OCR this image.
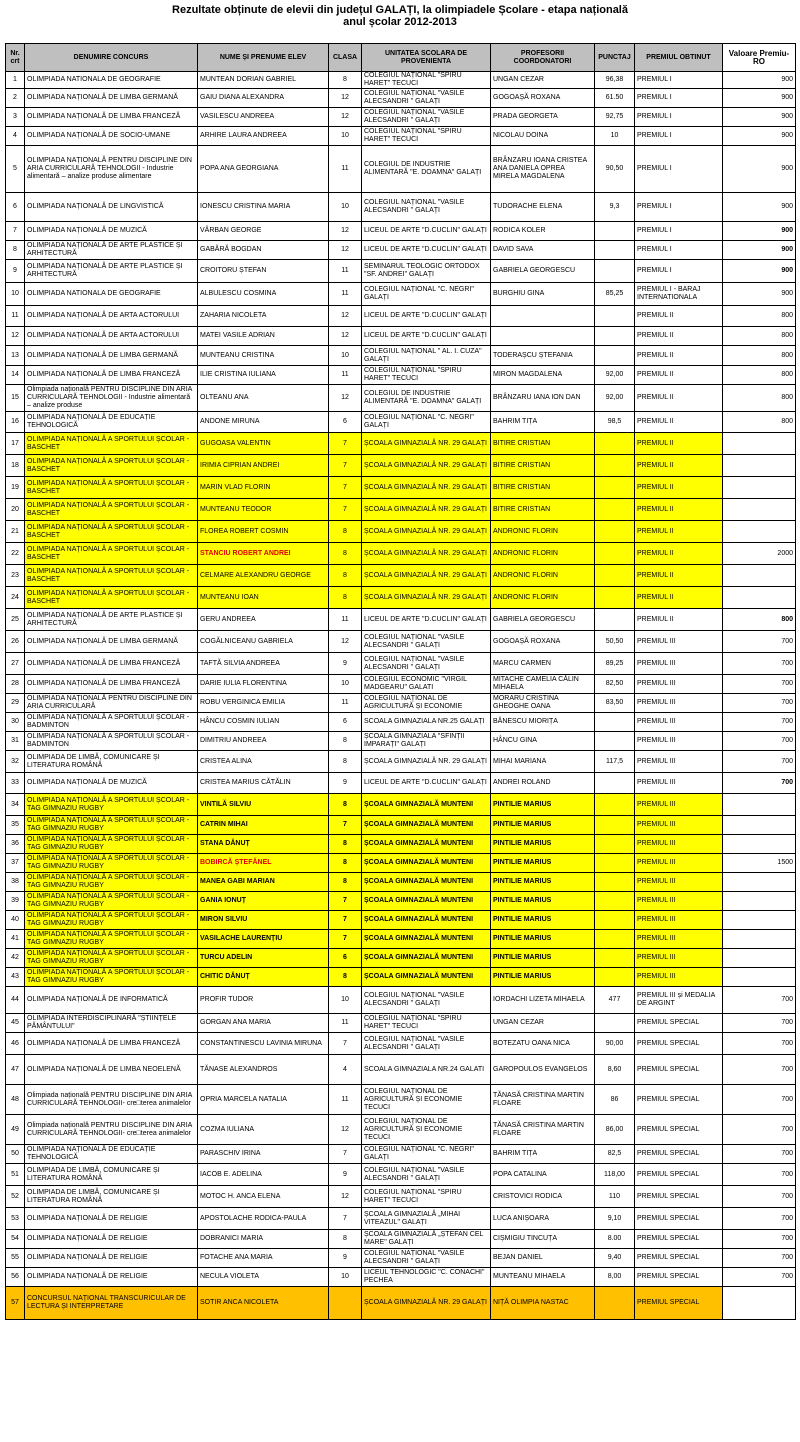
Rezultate obținute de elevii din județul GALAȚI, la olimpiadele Școlare - etapa națională
anul școlar 2012-2013
Nr. crt	DENUMIRE CONCURS	NUME ȘI PRENUME ELEV	CLASA	UNITATEA SCOLARA DE PROVENIENTA	PROFESORII COORDONATORI	PUNCTAJ	PREMIUL OBTINUT	Valoare Premiu- RO
1	OLIMPIADA NATIONALA DE GEOGRAFIE	MUNTEAN DORIAN GABRIEL	8	COLEGIUL NAȚIONAL "SPIRU HARET" TECUCI	UNGAN CEZAR	96,38	PREMIUL I	900
2	OLIMPIADA NAȚIONALĂ DE LIMBA GERMANĂ	GAIU DIANA ALEXANDRA	12	COLEGIUL NAȚIONAL "VASILE ALECSANDRI " GALAȚI	GOGOAȘĂ ROXANA	61.50	PREMIUL I	900
3	OLIMPIADA NAȚIONALĂ DE LIMBA FRANCEZĂ	VASILESCU ANDREEA	12	COLEGIUL NAȚIONAL "VASILE ALECSANDRI " GALAȚI	PRADA GEORGETA	92,75	PREMIUL I	900
4	OLIMPIADA NAȚIONALĂ DE SOCIO-UMANE	ARHIRE LAURA ANDREEA	10	COLEGIUL NAȚIONAL "SPIRU HARET" TECUCI	NICOLAU DOINA	10	PREMIUL I	900
5	OLIMPIADA NAȚIONALĂ PENTRU DISCIPLINE DIN ARIA CURRICULARĂ TEHNOLOGII - Industrie alimentară – analize produse alimentare	POPA ANA GEORGIANA	11	COLEGIUL DE INDUSTRIE ALIMENTARĂ "E. DOAMNA" GALAȚI	BRÂNZARU IOANA CRISTEA ANA DANIELA OPREA MIRELA MAGDALENA	90,50	PREMIUL I	900
6	OLIMPIADA NAȚIONALĂ DE LINGVISTICĂ	IONESCU CRISTINA MARIA	10	COLEGIUL NAȚIONAL "VASILE ALECSANDRI " GALAȚI	TUDORACHE ELENA	9,3	PREMIUL I	900
7	OLIMPIADA NAȚIONALĂ DE MUZICĂ	VÂRBAN GEORGE	12	LICEUL DE ARTE "D.CUCLIN" GALAȚI	RODICA KOLER		PREMIUL I	900
8	OLIMPIADA NAȚIONALĂ DE ARTE PLASTICE ȘI ARHITECTURĂ	GABĂRĂ BOGDAN	12	LICEUL DE ARTE "D.CUCLIN" GALAȚI	DAVID SAVA		PREMIUL I	900
9	OLIMPIADA NAȚIONALĂ DE ARTE PLASTICE ȘI ARHITECTURĂ	CROITORU ȘTEFAN	11	SEMINARUL TEOLOGIC ORTODOX "SF. ANDREI" GALAȚI	GABRIELA GEORGESCU		PREMIUL I	900
10	OLIMPIADA NATIONALA DE GEOGRAFIE	ALBULESCU COSMINA	11	COLEGIUL NAȚIONAL "C. NEGRI" GALAȚI	BURGHIU GINA	85,25	PREMIUL I - BARAJ INTERNATIONALA	900
11	OLIMPIADA NAȚIONALĂ DE ARTA ACTORULUI	ZAHARIA NICOLETA	12	LICEUL DE ARTE "D.CUCLIN" GALAȚI			PREMIUL II	800
12	OLIMPIADA NAȚIONALĂ DE ARTA ACTORULUI	MATEI VASILE ADRIAN	12	LICEUL DE ARTE "D.CUCLIN" GALAȚI			PREMIUL II	800
13	OLIMPIADA NAȚIONALĂ DE LIMBA GERMANĂ	MUNTEANU CRISTINA	10	COLEGIUL NAȚIONAL " AL. I. CUZA" GALAȚI	TODERAȘCU ȘTEFANIA		PREMIUL II	800
14	OLIMPIADA NAȚIONALĂ DE LIMBA FRANCEZĂ	ILIE CRISTINA IULIANA	11	COLEGIUL NAȚIONAL "SPIRU HARET" TECUCI	MIRON MAGDALENA	92,00	PREMIUL II	800
15	Olimpiada națională PENTRU DISCIPLINE DIN ARIA CURRICULARĂ TEHNOLOGII - Industrie alimentară – analize produse	OLTEANU ANA	12	COLEGIUL DE INDUSTRIE ALIMENTARĂ "E. DOAMNA" GALAȚI	BRÂNZARU IANA ION DAN	92,00	PREMIUL II	800
16	OLIMPIADA NAȚIONALĂ DE EDUCAȚIE TEHNOLOGICĂ	ANDONE MIRUNA	6	COLEGIUL NAȚIONAL "C. NEGRI" GALAȚI	BAHRIM TIȚA	98,5	PREMIUL II	800
17	OLIMPIADA NAȚIONALĂ A SPORTULUI ȘCOLAR - BASCHET	GUGOASA VALENTIN	7	ȘCOALA GIMNAZIALĂ NR. 29 GALAȚI	BITIRE CRISTIAN		PREMIUL II	
18	OLIMPIADA NAȚIONALĂ A SPORTULUI ȘCOLAR - BASCHET	IRIMIA CIPRIAN ANDREI	7	ȘCOALA GIMNAZIALĂ NR. 29 GALAȚI	BITIRE CRISTIAN		PREMIUL II	
19	OLIMPIADA NAȚIONALĂ A SPORTULUI ȘCOLAR - BASCHET	MARIN VLAD FLORIN	7	ȘCOALA GIMNAZIALĂ NR. 29 GALAȚI	BITIRE CRISTIAN		PREMIUL II	
20	OLIMPIADA NAȚIONALĂ A SPORTULUI ȘCOLAR - BASCHET	MUNTEANU TEODOR	7	ȘCOALA GIMNAZIALĂ NR. 29 GALAȚI	BITIRE CRISTIAN		PREMIUL II	
21	OLIMPIADA NAȚIONALĂ A SPORTULUI ȘCOLAR - BASCHET	FLOREA ROBERT COSMIN	8	ȘCOALA GIMNAZIALĂ NR. 29 GALAȚI	ANDRONIC FLORIN		PREMIUL II	
22	OLIMPIADA NAȚIONALĂ A SPORTULUI ȘCOLAR - BASCHET	STANCIU ROBERT ANDREI	8	ȘCOALA GIMNAZIALĂ NR. 29 GALAȚI	ANDRONIC FLORIN		PREMIUL II	2000
23	OLIMPIADA NAȚIONALĂ A SPORTULUI ȘCOLAR - BASCHET	CELMARE ALEXANDRU GEORGE	8	ȘCOALA GIMNAZIALĂ NR. 29 GALAȚI	ANDRONIC FLORIN		PREMIUL II	
24	OLIMPIADA NAȚIONALĂ A SPORTULUI ȘCOLAR - BASCHET	MUNTEANU IOAN	8	ȘCOALA GIMNAZIALĂ NR. 29 GALAȚI	ANDRONIC FLORIN		PREMIUL II	
25	OLIMPIADA NAȚIONALĂ DE ARTE PLASTICE ȘI ARHITECTURĂ	GERU ANDREEA	11	LICEUL DE ARTE "D.CUCLIN" GALAȚI	GABRIELA GEORGESCU		PREMIUL II	800
26	OLIMPIADA NAȚIONALĂ DE LIMBA GERMANĂ	COGĂLNICEANU GABRIELA	12	COLEGIUL NAȚIONAL "VASILE ALECSANDRI " GALAȚI	GOGOAȘĂ ROXANA	50,50	PREMIUL III	700
27	OLIMPIADA NAȚIONALĂ DE LIMBA FRANCEZĂ	TAFTĂ SILVIA ANDREEA	9	COLEGIUL NAȚIONAL "VASILE ALECSANDRI " GALAȚI	MARCU CARMEN	89,25	PREMIUL III	700
28	OLIMPIADA NAȚIONALĂ DE LIMBA FRANCEZĂ	DARIE IULIA FLORENTINA	10	COLEGIUL ECONOMIC "VIRGIL MADGEARU" GALATI	MITACHE CAMELIA CĂLIN MIHAELA	82,50	PREMIUL III	700
29	OLIMPIADA NAȚIONALĂ PENTRU DISCIPLINE DIN ARIA CURRICULARĂ	ROBU VERGINICA EMILIA	11	COLEGIUL NAȚIONAL DE AGRICULTURĂ ȘI ECONOMIE	MORARU CRISTINA GHEOGHE OANA	83,50	PREMIUL III	700
30	OLIMPIADA NAȚIONALĂ A SPORTULUI ȘCOLAR - BADMINTON	HÂNCU COSMIN IULIAN	6	SCOALA GIMNAZIALA NR.25 GALAȚI	BĂNESCU MIORIȚA		PREMIUL III	700
31	OLIMPIADA NAȚIONALĂ A SPORTULUI ȘCOLAR - BADMINTON	DIMITRIU ANDREEA	8	ȘCOALA GIMNAZIALA "SFINȚII IMPARAȚI" GALAȚI	HÂNCU GINA		PREMIUL III	700
32	OLIMPIADA DE LIMBĂ, COMUNICARE ȘI LITERATURA ROMÂNĂ	CRISTEA ALINA	8	ȘCOALA GIMNAZIALĂ NR. 29 GALAȚI	MIHAI MARIANA	117,5	PREMIUL III	700
33	OLIMPIADA NAȚIONALĂ DE MUZICĂ	CRISTEA MARIUS CĂTĂLIN	9	LICEUL DE ARTE "D.CUCLIN" GALAȚI	ANDREI ROLAND		PREMIUL III	700
34	OLIMPIADA NAȚIONALĂ A SPORTULUI ȘCOLAR - TAG GIMNAZIU RUGBY	VINTILĂ SILVIU	8	ȘCOALA GIMNAZIALĂ MUNTENI	PINTILIE MARIUS		PREMIUL III	
35	OLIMPIADA NAȚIONALĂ A SPORTULUI ȘCOLAR - TAG GIMNAZIU RUGBY	CATRIN MIHAI	7	ȘCOALA GIMNAZIALĂ MUNTENI	PINTILIE MARIUS		PREMIUL III	
36	OLIMPIADA NAȚIONALĂ A SPORTULUI ȘCOLAR - TAG GIMNAZIU RUGBY	STANA DĂNUȚ	8	ȘCOALA GIMNAZIALĂ MUNTENI	PINTILIE MARIUS		PREMIUL III	
37	OLIMPIADA NAȚIONALĂ A SPORTULUI ȘCOLAR - TAG GIMNAZIU RUGBY	BOBIRCĂ ȘTEFĂNEL	8	ȘCOALA GIMNAZIALĂ MUNTENI	PINTILIE MARIUS		PREMIUL III	1500
38	OLIMPIADA NAȚIONALĂ A SPORTULUI ȘCOLAR - TAG GIMNAZIU RUGBY	MANEA GABI MARIAN	8	ȘCOALA GIMNAZIALĂ MUNTENI	PINTILIE MARIUS		PREMIUL III	
39	OLIMPIADA NAȚIONALĂ A SPORTULUI ȘCOLAR - TAG GIMNAZIU RUGBY	GANIA IONUȚ	7	ȘCOALA GIMNAZIALĂ MUNTENI	PINTILIE MARIUS		PREMIUL III	
40	OLIMPIADA NAȚIONALĂ A SPORTULUI ȘCOLAR - TAG GIMNAZIU RUGBY	MIRON SILVIU	7	ȘCOALA GIMNAZIALĂ MUNTENI	PINTILIE MARIUS		PREMIUL III	
41	OLIMPIADA NAȚIONALĂ A SPORTULUI ȘCOLAR - TAG GIMNAZIU RUGBY	VASILACHE LAURENȚIU	7	ȘCOALA GIMNAZIALĂ MUNTENI	PINTILIE MARIUS		PREMIUL III	
42	OLIMPIADA NAȚIONALĂ A SPORTULUI ȘCOLAR - TAG GIMNAZIU RUGBY	TURCU ADELIN	6	ȘCOALA GIMNAZIALĂ MUNTENI	PINTILIE MARIUS		PREMIUL III	
43	OLIMPIADA NAȚIONALĂ A SPORTULUI ȘCOLAR - TAG GIMNAZIU RUGBY	CHITIC DĂNUȚ	8	ȘCOALA GIMNAZIALĂ MUNTENI	PINTILIE MARIUS		PREMIUL III	
44	OLIMPIADA NAȚIONALĂ DE INFORMATICĂ	PROFIR TUDOR	10	COLEGIUL NAȚIONAL "VASILE ALECSANDRI " GALAȚI	IORDACHI LIZETA MIHAELA	477	PREMIUL III și MEDALIA DE ARGINT	700
45	OLIMPIADA INTERDISCIPLINARĂ "ȘTIINȚELE PĂMÂNTULUI"	GORGAN ANA MARIA	11	COLEGIUL NAȚIONAL "SPIRU HARET" TECUCI	UNGAN CEZAR		PREMIUL SPECIAL	700
46	OLIMPIADA NAȚIONALĂ DE LIMBA FRANCEZĂ	CONSTANTINESCU LAVINIA MIRUNA	7	COLEGIUL NAȚIONAL "VASILE ALECSANDRI " GALAȚI	BOTEZATU OANA NICA	90,00	PREMIUL SPECIAL	700
47	OLIMPIADA NAȚIONALĂ DE LIMBA NEOELENĂ	TĂNASE ALEXANDROS	4	SCOALA GIMNAZIALA NR.24 GALATI	GAROPOULOS EVANGELOS	8,60	PREMIUL SPECIAL	700
48	Olimpiada națională PENTRU DISCIPLINE DIN ARIA CURRICULARĂ TEHNOLOGII- cre□terea animalelor	OPRIA MARCELA NATALIA	11	COLEGIUL NAȚIONAL DE AGRICULTURĂ ȘI ECONOMIE TECUCI	TĂNASĂ CRISTINA MARTIN FLOARE	86	PREMIUL SPECIAL	700
49	Olimpiada națională PENTRU DISCIPLINE DIN ARIA CURRICULARĂ TEHNOLOGII- cre□terea animalelor	COZMA IULIANA	12	COLEGIUL NAȚIONAL DE AGRICULTURĂ ȘI ECONOMIE TECUCI	TĂNASĂ CRISTINA MARTIN FLOARE	86,00	PREMIUL SPECIAL	700
50	OLIMPIADA NAȚIONALĂ DE EDUCAȚIE TEHNOLOGICĂ	PARASCHIV IRINA	7	COLEGIUL NAȚIONAL "C. NEGRI" GALAȚI	BAHRIM TIȚA	82,5	PREMIUL SPECIAL	700
51	OLIMPIADA DE LIMBĂ, COMUNICARE ȘI LITERATURA ROMÂNĂ	IACOB E. ADELINA	9	COLEGIUL NAȚIONAL "VASILE ALECSANDRI " GALAȚI	POPA CATALINA	118,00	PREMIUL SPECIAL	700
52	OLIMPIADA DE LIMBĂ, COMUNICARE ȘI LITERATURA ROMÂNĂ	MOTOC H. ANCA ELENA	12	COLEGIUL NAȚIONAL "SPIRU HARET" TECUCI	CRISTOVICI RODICA	110	PREMIUL SPECIAL	700
53	OLIMPIADA NAȚIONALĂ DE RELIGIE	APOSTOLACHE RODICA-PAULA	7	ȘCOALA GIMNAZIALĂ „MIHAI VITEAZUL" GALAȚI	LUCA ANIȘOARA	9,10	PREMIUL SPECIAL	700
54	OLIMPIADA NAȚIONALĂ DE RELIGIE	DOBRANICI MARIA	8	ȘCOALA GIMNAZIALĂ „ȘTEFAN CEL MARE" GALAȚI	CIȘMIGIU TINCUȚA	8.00	PREMIUL SPECIAL	700
55	OLIMPIADA NAȚIONALĂ DE RELIGIE	FOTACHE ANA MARIA	9	COLEGIUL NAȚIONAL "VASILE ALECSANDRI " GALAȚI	BEJAN DANIEL	9,40	PREMIUL SPECIAL	700
56	OLIMPIADA NAȚIONALĂ DE RELIGIE	NECULA VIOLETA	10	LICEUL TEHNOLOGIC "C. CONACHI" PECHEA	MUNTEANU MIHAELA	8,00	PREMIUL SPECIAL	700
57	CONCURSUL NAȚIONAL TRANSCURICULAR DE LECTURA ȘI INTERPRETARE	SOTIR ANCA NICOLETA		ȘCOALA GIMNAZIALĂ NR. 29 GALAȚI	NIȚĂ OLIMPIA NASTAC		PREMIUL SPECIAL	
